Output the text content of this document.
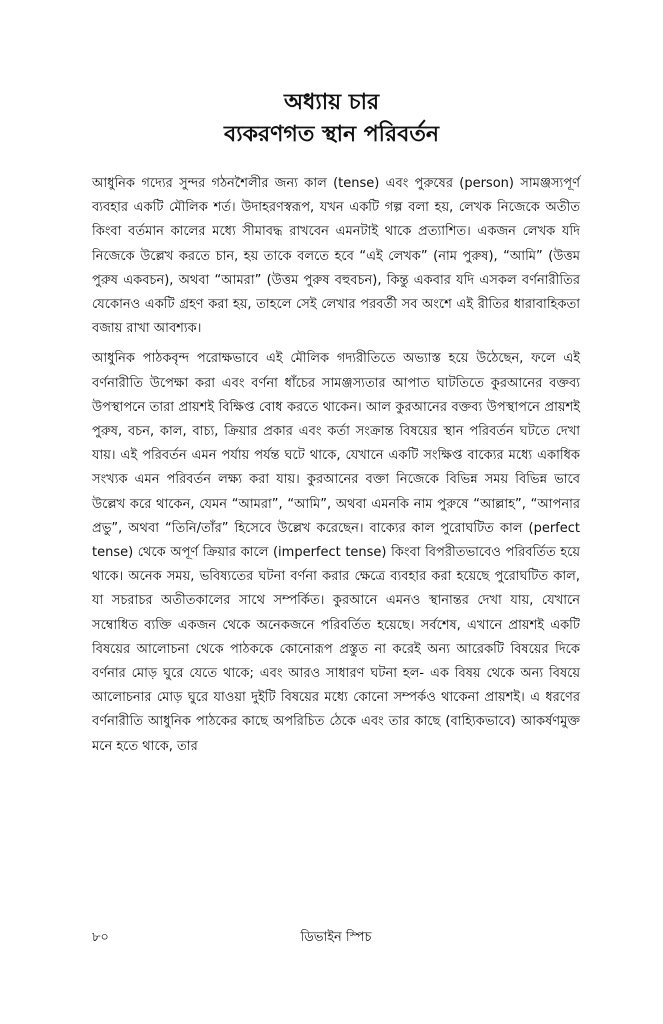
অধ্যায় চার
ব্যকরণগত স্থান পরিবর্তন

আধুনিক গদ্যের সুন্দর গঠনশৈলীর জন্য কাল (tense) এবং পুরুষের (person) সামঞ্জস্যপূর্ণ ব্যবহার একটি মৌলিক শর্ত। উদাহরণস্বরূপ, যখন একটি গল্প বলা হয়, লেখক নিজেকে অতীত কিংবা বর্তমান কালের মধ্যে সীমাবদ্ধ রাখবেন এমনটাই থাকে প্রত্যাশিত। একজন লেখক যদি নিজেকে উল্লেখ করতে চান, হয় তাকে বলতে হবে “এই লেখক” (নাম পুরুষ), “আমি” (উত্তম পুরুষ একবচন), অথবা “আমরা” (উত্তম পুরুষ বহুবচন), কিন্তু একবার যদি এসকল বর্ণনারীতির যেকোনও একটি গ্রহণ করা হয়, তাহলে সেই লেখার পরবর্তী সব অংশে এই রীতির ধারাবাহিকতা বজায় রাখা আবশ্যক।

আধুনিক পাঠকবৃন্দ পরোক্ষভাবে এই মৌলিক গদ্যরীতিতে অভ্যাস্ত হয়ে উঠেছেন, ফলে এই বর্ণনারীতি উপেক্ষা করা এবং বর্ণনা ধাঁচের সামঞ্জস্যতার আপাত ঘাটতিতে কুরআনের বক্তব্য উপস্থাপনে তারা প্রায়শই বিক্ষিপ্ত বোধ করতে থাকেন। আল কুরআনের বক্তব্য উপস্থাপনে প্রায়শই পুরুষ, বচন, কাল, বাচ্য, ক্রিয়ার প্রকার এবং কর্তা সংক্রান্ত বিষয়ের স্থান পরিবর্তন ঘটতে দেখা যায়। এই পরিবর্তন এমন পর্যায় পর্যন্ত ঘটে থাকে, যেখানে একটি সংক্ষিপ্ত বাক্যের মধ্যে একাধিক সংখ্যক এমন পরিবর্তন লক্ষ্য করা যায়। কুরআনের বক্তা নিজেকে বিভিন্ন সময় বিভিন্ন ভাবে উল্লেখ করে থাকেন, যেমন “আমরা”, “আমি”, অথবা এমনকি নাম পুরুষে “আল্লাহ”, “আপনার প্রভু”, অথবা “তিনি/তাঁর” হিসেবে উল্লেখ করেছেন। বাক্যের কাল পুরোঘটিত কাল (perfect tense) থেকে অপূর্ণ ক্রিয়ার কালে (imperfect tense) কিংবা বিপরীতভাবেও পরিবর্তিত হয়ে থাকে। অনেক সময়, ভবিষ্যতের ঘটনা বর্ণনা করার ক্ষেত্রে ব্যবহার করা হয়েছে পুরোঘটিত কাল, যা সচরাচর অতীতকালের সাথে সম্পর্কিত। কুরআনে এমনও স্থানান্তর দেখা যায়, যেখানে সম্বোধিত ব্যক্তি একজন থেকে অনেকজনে পরিবর্তিত হয়েছে। সর্বশেষ, এখানে প্রায়শই একটি বিষয়ের আলোচনা থেকে পাঠককে কোনোরূপ প্রস্তুত না করেই অন্য আরেকটি বিষয়ের দিকে বর্ণনার মোড় ঘুরে যেতে থাকে; এবং আরও সাধারণ ঘটনা হল- এক বিষয় থেকে অন্য বিষয়ে আলোচনার মোড় ঘুরে যাওয়া দুইটি বিষয়ের মধ্যে কোনো সম্পর্কও থাকেনা প্রায়শই। এ ধরণের বর্ণনারীতি আধুনিক পাঠকের কাছে অপরিচিত ঠেকে এবং তার কাছে (বাহ্যিকভাবে) আকর্ষণমুক্ত মনে হতে থাকে, তার

৮০	ডিভাইন স্পিচ
